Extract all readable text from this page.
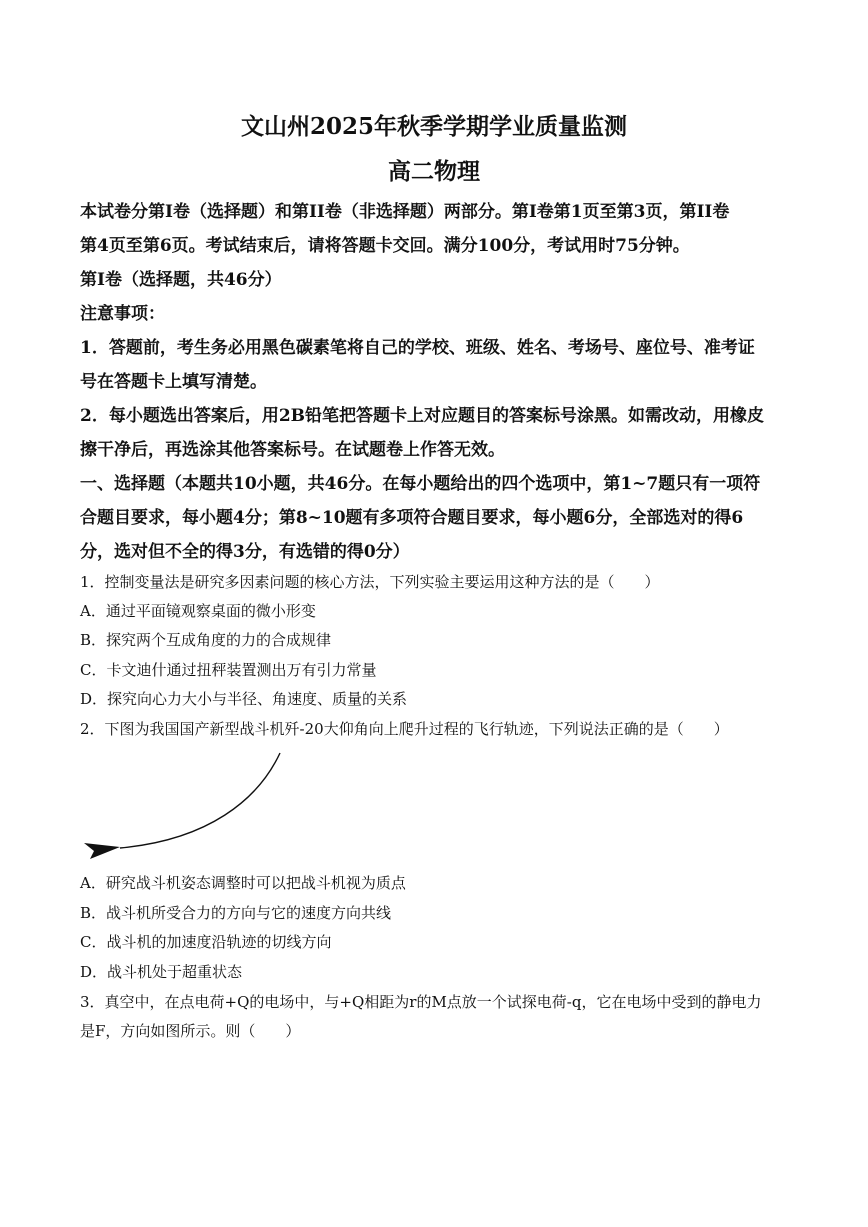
文山州2025年秋季学期学业质量监测
高二物理
本试卷分第I卷（选择题）和第II卷（非选择题）两部分。第I卷第1页至第3页，第II卷
第4页至第6页。考试结束后，请将答题卡交回。满分100分，考试用时75分钟。
第I卷（选择题，共46分）
注意事项：
1．答题前，考生务必用黑色碳素笔将自己的学校、班级、姓名、考场号、座位号、准考证
号在答题卡上填写清楚。
2．每小题选出答案后，用2B铅笔把答题卡上对应题目的答案标号涂黑。如需改动，用橡皮
擦干净后，再选涂其他答案标号。在试题卷上作答无效。
一、选择题（本题共10小题，共46分。在每小题给出的四个选项中，第1~7题只有一项符
合题目要求，每小题4分；第8~10题有多项符合题目要求，每小题6分，全部选对的得6
分，选对但不全的得3分，有选错的得0分）
1．控制变量法是研究多因素问题的核心方法，下列实验主要运用这种方法的是（　　）
A．通过平面镜观察桌面的微小形变
B．探究两个互成角度的力的合成规律
C．卡文迪什通过扭秤装置测出万有引力常量
D．探究向心力大小与半径、角速度、质量的关系
2．下图为我国国产新型战斗机歼-20大仰角向上爬升过程的飞行轨迹，下列说法正确的是（　　）
A．研究战斗机姿态调整时可以把战斗机视为质点
B．战斗机所受合力的方向与它的速度方向共线
C．战斗机的加速度沿轨迹的切线方向
D．战斗机处于超重状态
3．真空中，在点电荷+Q的电场中，与+Q相距为r的M点放一个试探电荷-q，它在电场中受到的静电力
是F，方向如图所示。则（　　）
